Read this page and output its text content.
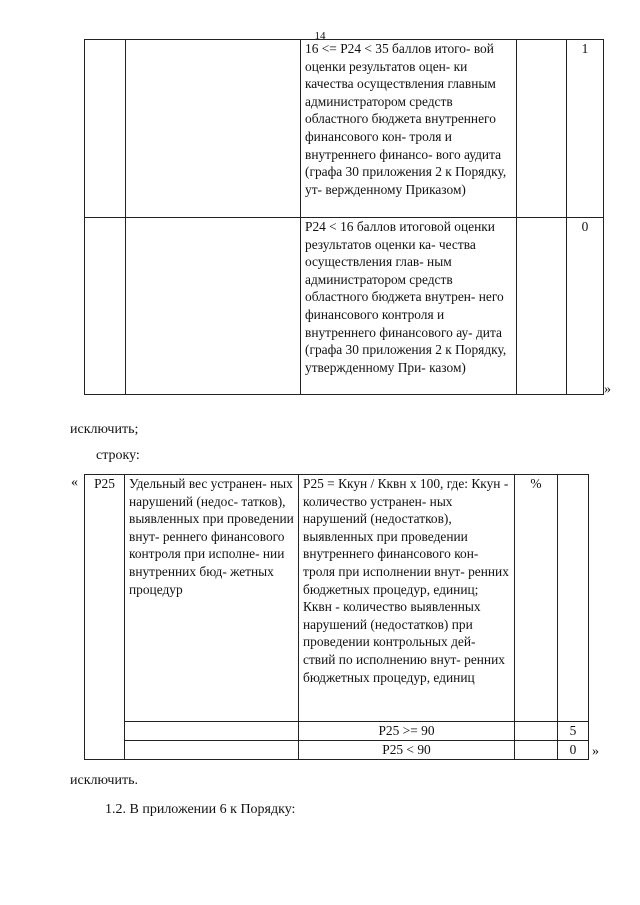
14
		16 <= Р24 < 35 баллов итого- вой оценки результатов оцен- ки качества осуществления главным администратором средств областного бюджета внутреннего финансового кон- троля и внутреннего финансо- вого аудита (графа 30 приложения 2 к Порядку, ут- вержденному Приказом)		1
		Р24 < 16 баллов итоговой оценки результатов оценки ка- чества осуществления глав- ным администратором средств областного бюджета внутрен- него финансового контроля и внутреннего финансового ау- дита (графа 30 приложения 2 к Порядку, утвержденному При- казом)		0
»
исключить;
строку:
« Р25	Удельный вес устранен- ных нарушений (недос- татков), выявленных при проведении внут- реннего финансового контроля при исполне- нии внутренних бюд- жетных процедур	Р25 = Ккун / Кквн х 100, где: Ккун - количество устранен- ных нарушений (недостатков), выявленных при проведении внутреннего финансового кон- троля при исполнении внут- ренних бюджетных процедур, единиц; Кквн - количество выявленных нарушений (недостатков) при проведении контрольных дей- ствий по исполнению внут- ренних бюджетных процедур, единиц	%	
		Р25 >= 90		5
		Р25 < 90		0 »
исключить.
1.2. В приложении 6 к Порядку:
